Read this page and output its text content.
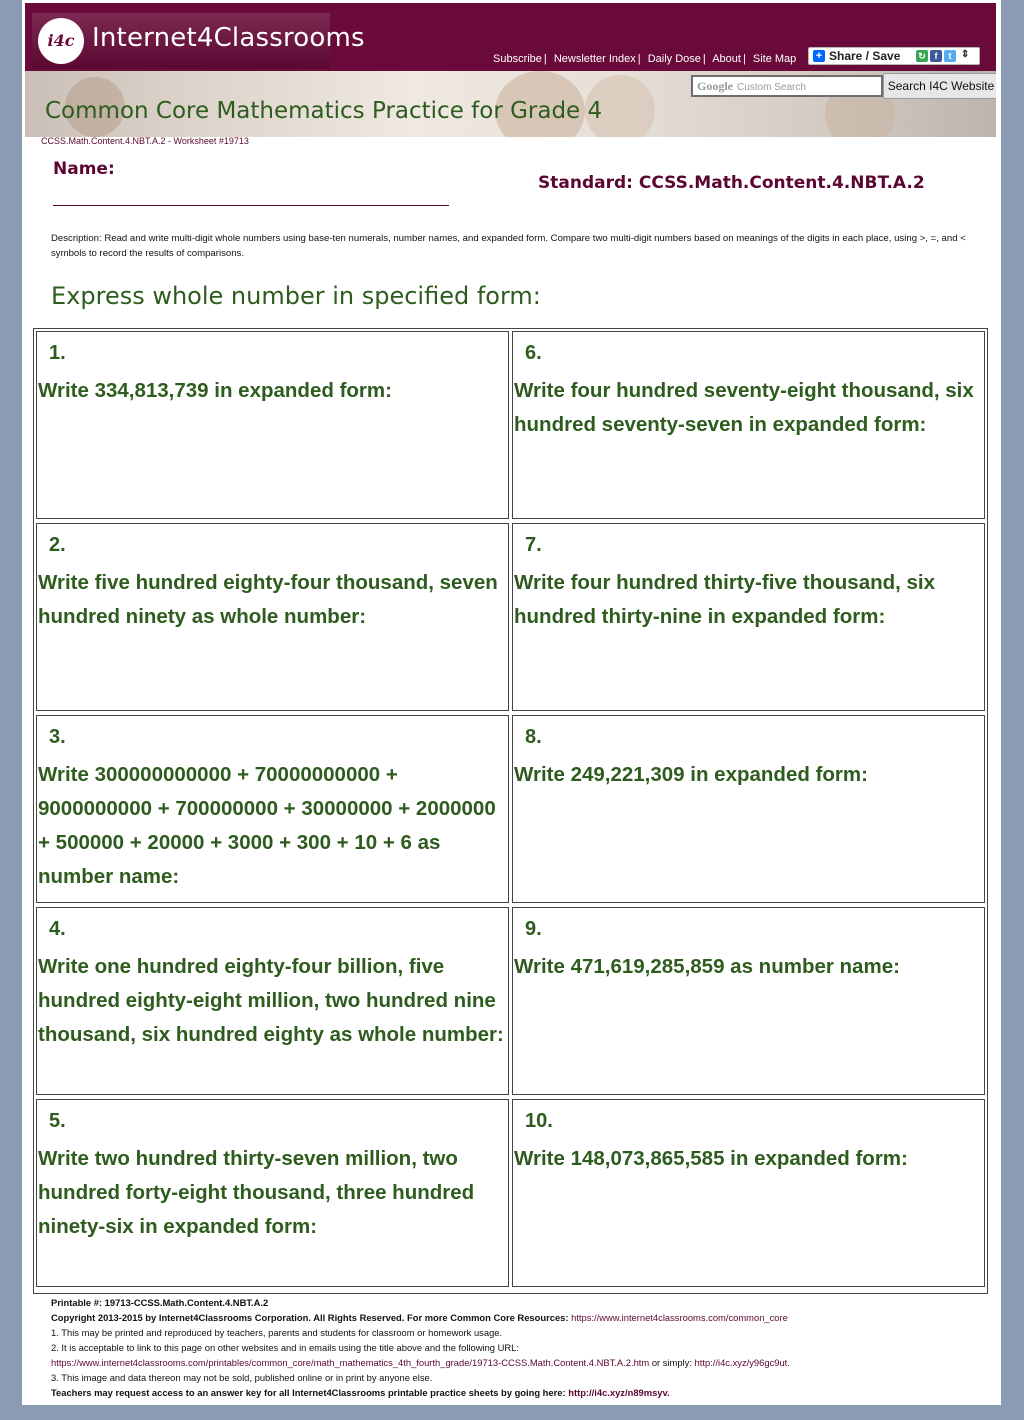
i4c Internet4Classrooms
Subscribe | Newsletter Index | Daily Dose | About | Site Map + Share / Save ↻ f	t ⇕
Google Custom Search	Search I4C Website
Common Core Mathematics Practice for Grade 4
CCSS.Math.Content.4.NBT.A.2 - Worksheet #19713
Name:
Standard: CCSS.Math.Content.4.NBT.A.2
Description: Read and write multi-digit whole numbers using base-ten numerals, number names, and expanded form. Compare two multi-digit numbers based on meanings of the digits in each place, using >, =, and < symbols to record the results of comparisons.
Express whole number in specified form:
1.
Write 334,813,739 in expanded form:
6.
Write four hundred seventy-eight thousand, six hundred seventy-seven in expanded form:
2.
Write five hundred eighty-four thousand, seven hundred ninety as whole number:
7.
Write four hundred thirty-five thousand, six hundred thirty-nine in expanded form:
3.
Write 300000000000 + 70000000000 + 9000000000 + 700000000 + 30000000 + 2000000 + 500000 + 20000 + 3000 + 300 + 10 + 6 as number name:
8.
Write 249,221,309 in expanded form:
4.
Write one hundred eighty-four billion, five hundred eighty-eight million, two hundred nine thousand, six hundred eighty as whole number:
9.
Write 471,619,285,859 as number name:
5.
Write two hundred thirty-seven million, two hundred forty-eight thousand, three hundred ninety-six in expanded form:
10.
Write 148,073,865,585 in expanded form:
Printable #: 19713-CCSS.Math.Content.4.NBT.A.2
Copyright 2013-2015 by Internet4Classrooms Corporation. All Rights Reserved. For more Common Core Resources: https://www.internet4classrooms.com/common_core
1. This may be printed and reproduced by teachers, parents and students for classroom or homework usage.
2. It is acceptable to link to this page on other websites and in emails using the title above and the following URL:
https://www.internet4classrooms.com/printables/common_core/math_mathematics_4th_fourth_grade/19713-CCSS.Math.Content.4.NBT.A.2.htm or simply: http://i4c.xyz/y96gc9ut.
3. This image and data thereon may not be sold, published online or in print by anyone else.
Teachers may request access to an answer key for all Internet4Classrooms printable practice sheets by going here: http://i4c.xyz/n89msyv.
